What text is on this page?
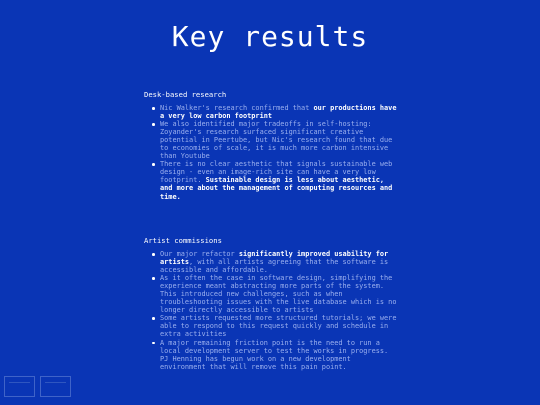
Key results
Desk-based research
Nic Walker's research confirmed that our productions have a very low carbon footprint
We also identified major tradeoffs in self-hosting: Zoyander's research surfaced significant creative potential in Peertube, but Nic's research found that due to economies of scale, it is much more carbon intensive than Youtube
There is no clear aesthetic that signals sustainable web design - even an image-rich site can have a very low footprint. Sustainable design is less about aesthetic, and more about the management of computing resources and time.
Artist commissions
Our major refactor significantly improved usability for artists, with all artists agreeing that the software is accessible and affordable.
As it often the case in software design, simplifying the experience meant abstracting more parts of the system. This introduced new challenges, such as when troubleshooting issues with the live database which is no longer directly accessible to artists
Some artists requested more structured tutorials; we were able to respond to this request quickly and schedule in extra activities
A major remaining friction point is the need to run a local development server to test the works in progress. PJ Henning has begun work on a new development environment that will remove this pain point.
